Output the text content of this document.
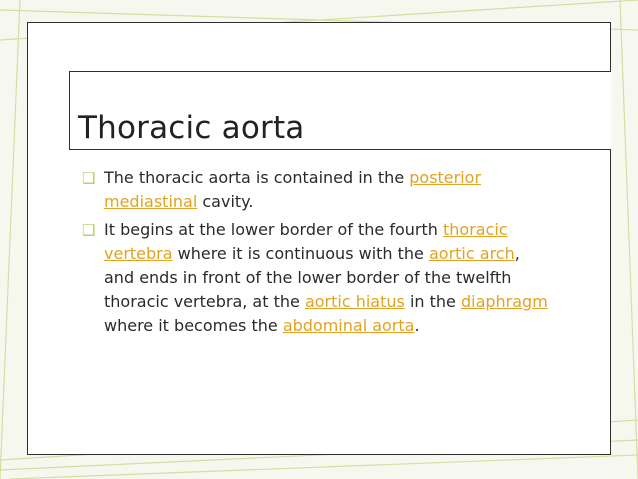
Thoracic aorta
❑ The thoracic aorta is contained in the posterior mediastinal cavity.
❑ It begins at the lower border of the fourth thoracic vertebra where it is continuous with the aortic arch, and ends in front of the lower border of the twelfth thoracic vertebra, at the aortic hiatus in the diaphragm where it becomes the abdominal aorta.
